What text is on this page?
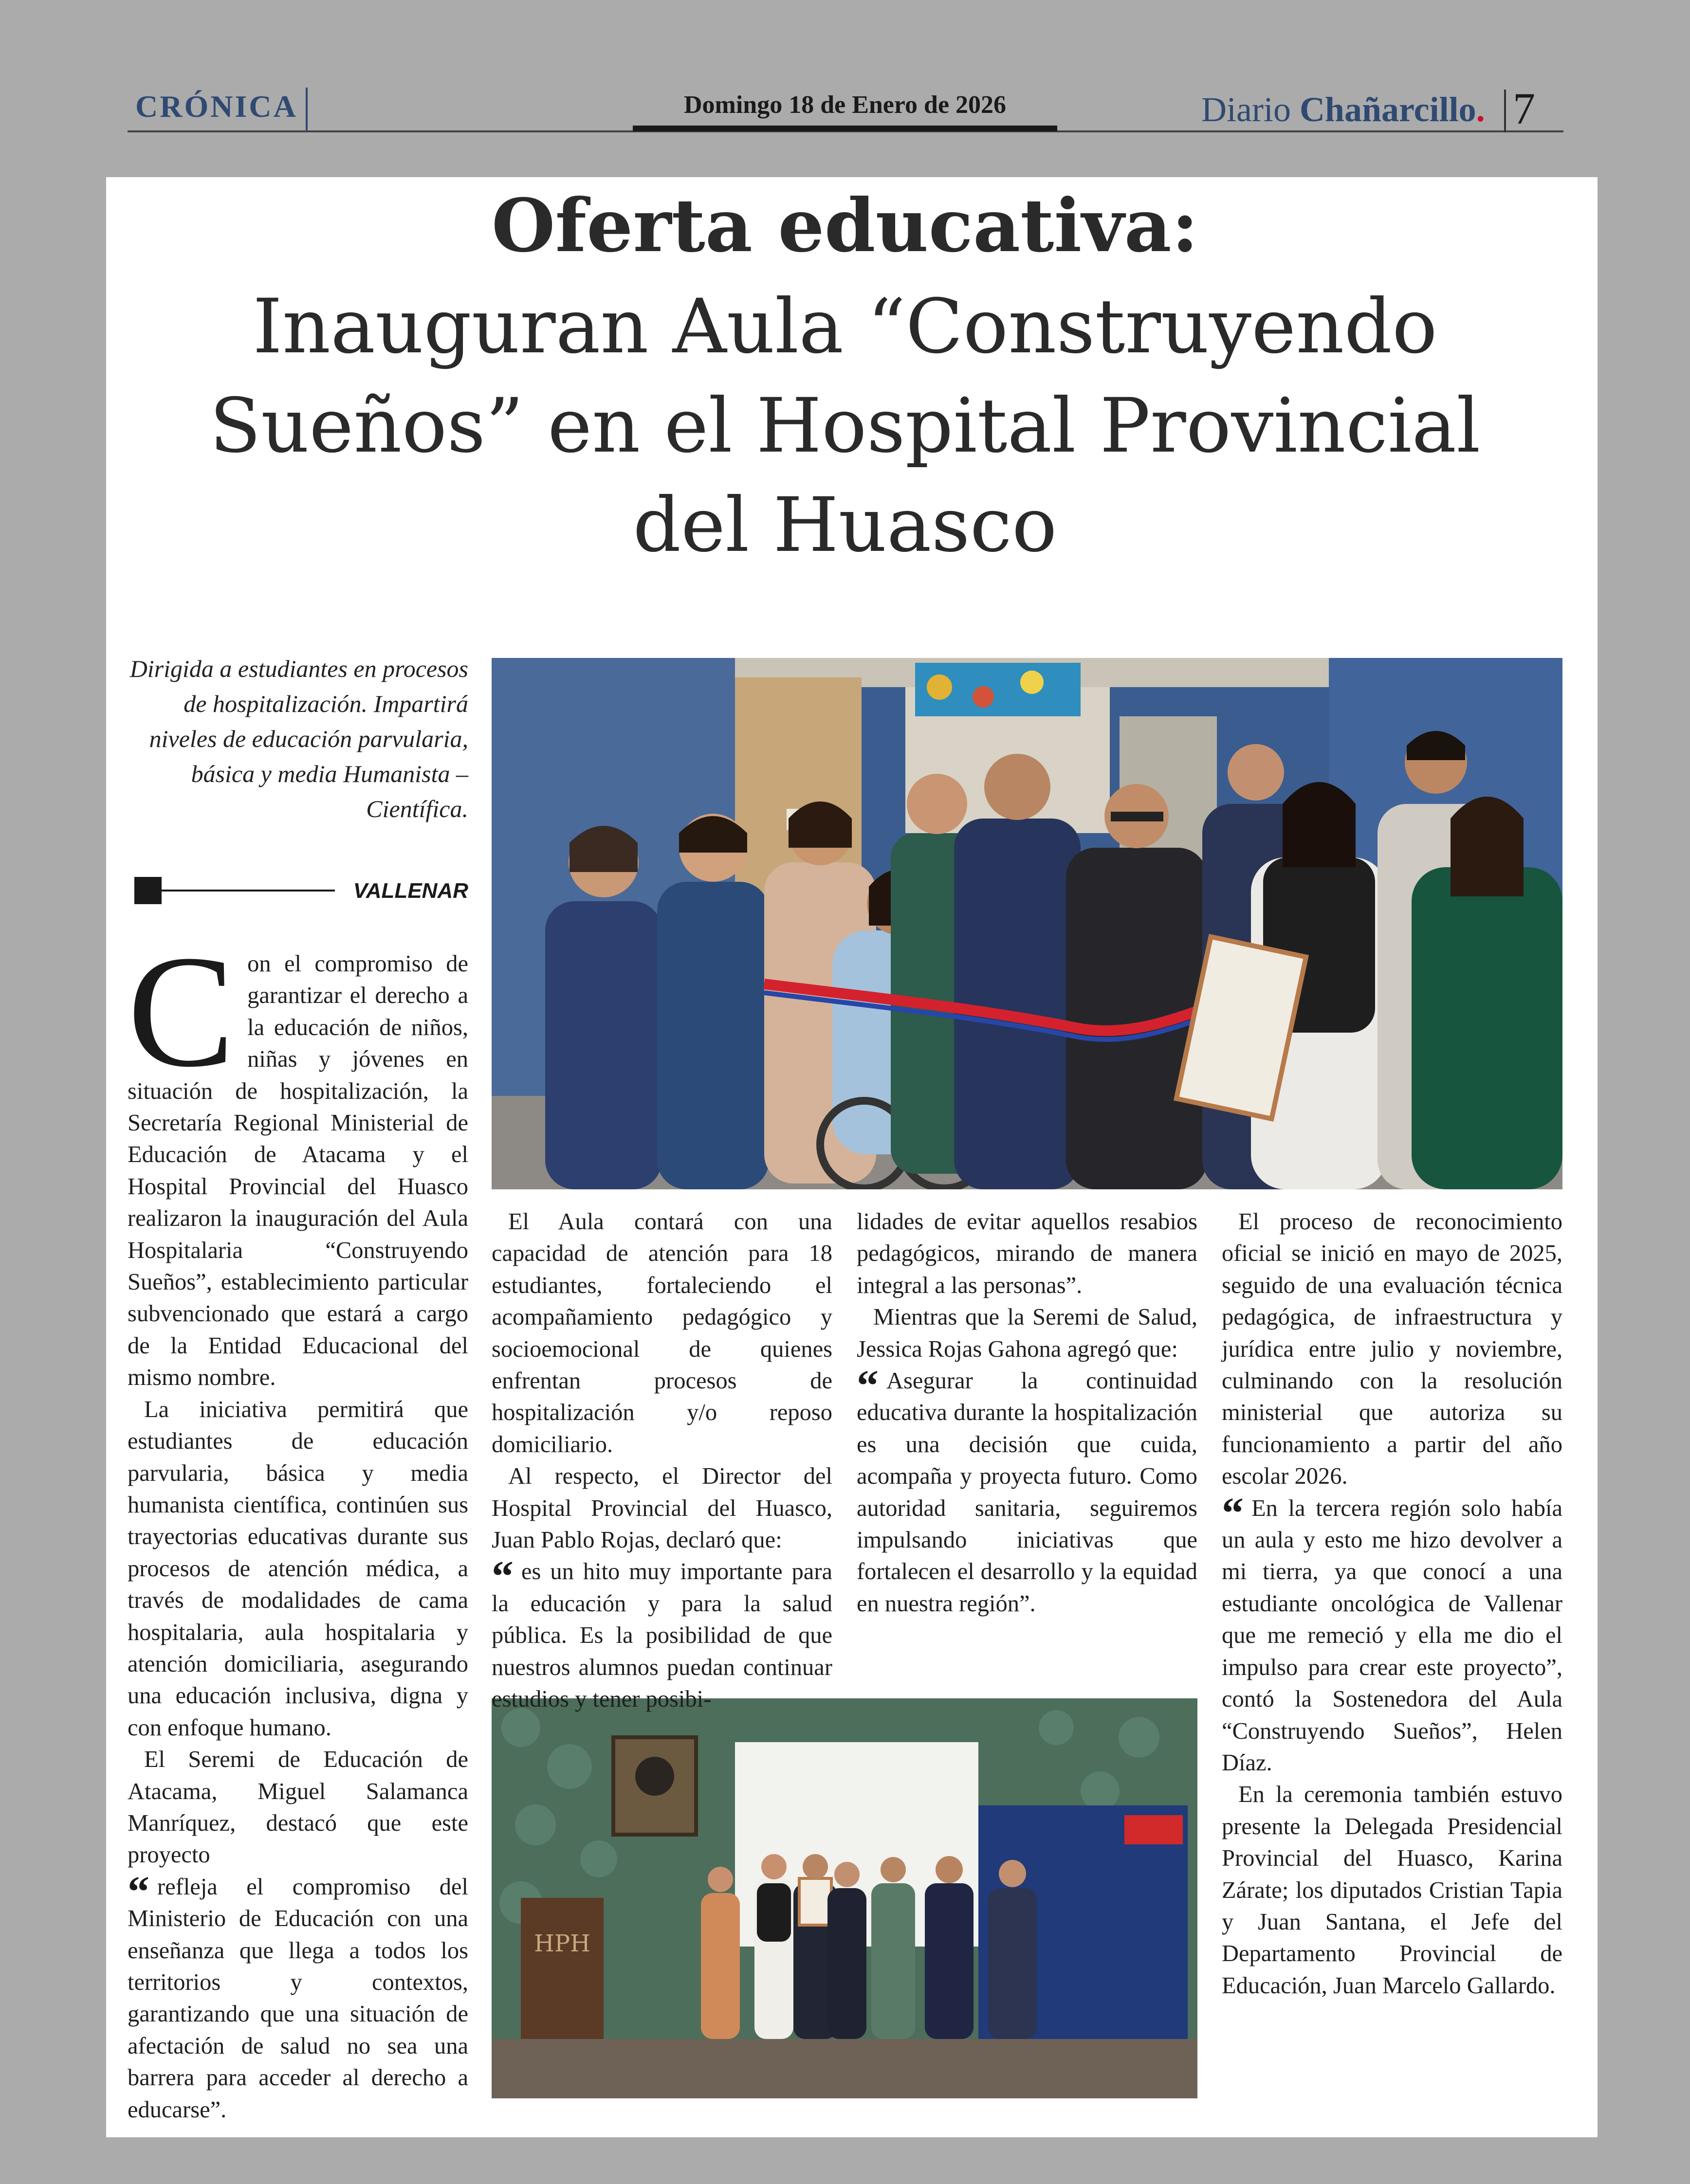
CRÓNICA	Domingo 18 de Enero de 2026	Diario Chañarcillo. 7
Oferta educativa:
Inauguran Aula “Construyendo Sueños” en el Hospital Provincial del Huasco
Dirigida a estudiantes en procesos de hospitalización. Impartirá niveles de educación parvularia, básica y media Humanista – Científica.
VALLENAR
HPH

Con el compromiso de garantizar el derecho a la educación de niños, niñas y jóvenes en situación de hospitalización, la Secretaría Regional Ministerial de Educación de Atacama y el Hospital Provincial del Huasco realizaron la inauguración del Aula Hospitalaria “Construyendo Sueños”, establecimiento particular subvencionado que estará a cargo de la Entidad Educacional del mismo nombre.

La iniciativa permitirá que estudiantes de educación parvularia, básica y media humanista científica, continúen sus trayectorias educativas durante sus procesos de atención médica, a través de modalidades de cama hospitalaria, aula hospitalaria y atención domiciliaria, asegurando una educación inclusiva, digna y con enfoque humano.

El Seremi de Educación de Atacama, Miguel Salamanca Manríquez, destacó que este proyecto

“ refleja el compromiso del Ministerio de Educación con una enseñanza que llega a todos los territorios y contextos, garantizando que una situación de afectación de salud no sea una barrera para acceder al derecho a educarse”.

El Aula contará con una capacidad de atención para 18 estudiantes, fortaleciendo el acompañamiento pedagógico y socioemocional de quienes enfrentan procesos de hospitalización y/o reposo domiciliario.

Al respecto, el Director del Hospital Provincial del Huasco, Juan Pablo Rojas, declaró que:

“ es un hito muy importante para la educación y para la salud pública. Es la posibilidad de que nuestros alumnos puedan continuar estudios y tener posibi-

lidades de evitar aquellos resabios pedagógicos, mirando de manera integral a las personas”.

Mientras que la Seremi de Salud, Jessica Rojas Gahona agregó que:

“ Asegurar la continuidad educativa durante la hospitalización es una decisión que cuida, acompaña y proyecta futuro. Como autoridad sanitaria, seguiremos impulsando iniciativas que fortalecen el desarrollo y la equidad en nuestra región”.

El proceso de reconocimiento oficial se inició en mayo de 2025, seguido de una evaluación técnica pedagógica, de infraestructura y jurídica entre julio y noviembre, culminando con la resolución ministerial que autoriza su funcionamiento a partir del año escolar 2026.

“ En la tercera región solo había un aula y esto me hizo devolver a mi tierra, ya que conocí a una estudiante oncológica de Vallenar que me remeció y ella me dio el impulso para crear este proyecto”, contó la Sostenedora del Aula “Construyendo Sueños”, Helen Díaz.

En la ceremonia también estuvo presente la Delegada Presidencial Provincial del Huasco, Karina Zárate; los diputados Cristian Tapia y Juan Santana, el Jefe del Departamento Provincial de Educación, Juan Marcelo Gallardo.
